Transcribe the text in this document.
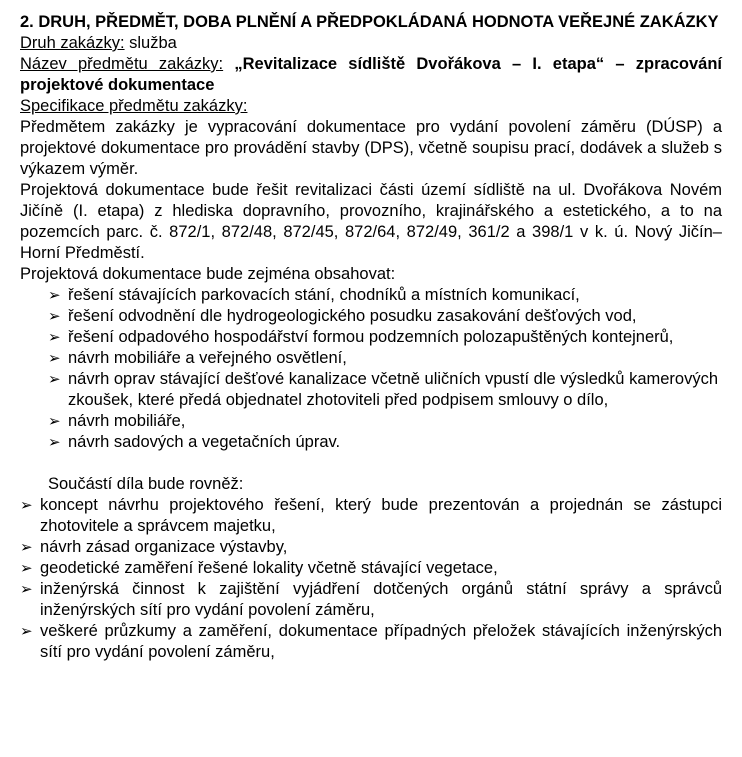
2. DRUH, PŘEDMĚT, DOBA PLNĚNÍ A PŘEDPOKLÁDANÁ HODNOTA VEŘEJNÉ ZAKÁZKY
Druh zakázky: služba
Název předmětu zakázky: „Revitalizace sídliště Dvořákova – I. etapa“ – zpracování projektové dokumentace
Specifikace předmětu zakázky:
Předmětem zakázky je vypracování dokumentace pro vydání povolení záměru (DÚSP) a projektové dokumentace pro provádění stavby (DPS), včetně soupisu prací, dodávek a služeb s výkazem výměr.
Projektová dokumentace bude řešit revitalizaci části území sídliště na ul. Dvořákova Novém Jičíně (I. etapa) z hlediska dopravního, provozního, krajinářského a estetického, a to na pozemcích parc. č. 872/1, 872/48, 872/45, 872/64, 872/49, 361/2 a 398/1 v k. ú. Nový Jičín–Horní Předměstí.
Projektová dokumentace bude zejména obsahovat:
➢ řešení stávajících parkovacích stání, chodníků a místních komunikací,
➢ řešení odvodnění dle hydrogeologického posudku zasakování dešťových vod,
➢ řešení odpadového hospodářství formou podzemních polozapuštěných kontejnerů,
➢ návrh mobiliáře a veřejného osvětlení,
➢ návrh oprav stávající dešťové kanalizace včetně uličních vpustí dle výsledků kamerových zkoušek, které předá objednatel zhotoviteli před podpisem smlouvy o dílo,
➢ návrh mobiliáře,
➢ návrh sadových a vegetačních úprav.
Součástí díla bude rovněž:
➢ koncept návrhu projektového řešení, který bude prezentován a projednán se zástupci zhotovitele a správcem majetku,
➢ návrh zásad organizace výstavby,
➢ geodetické zaměření řešené lokality včetně stávající vegetace,
➢ inženýrská činnost k zajištění vyjádření dotčených orgánů státní správy a správců inženýrských sítí pro vydání povolení záměru,
➢ veškeré průzkumy a zaměření, dokumentace případných přeložek stávajících inženýrských sítí pro vydání povolení záměru,
